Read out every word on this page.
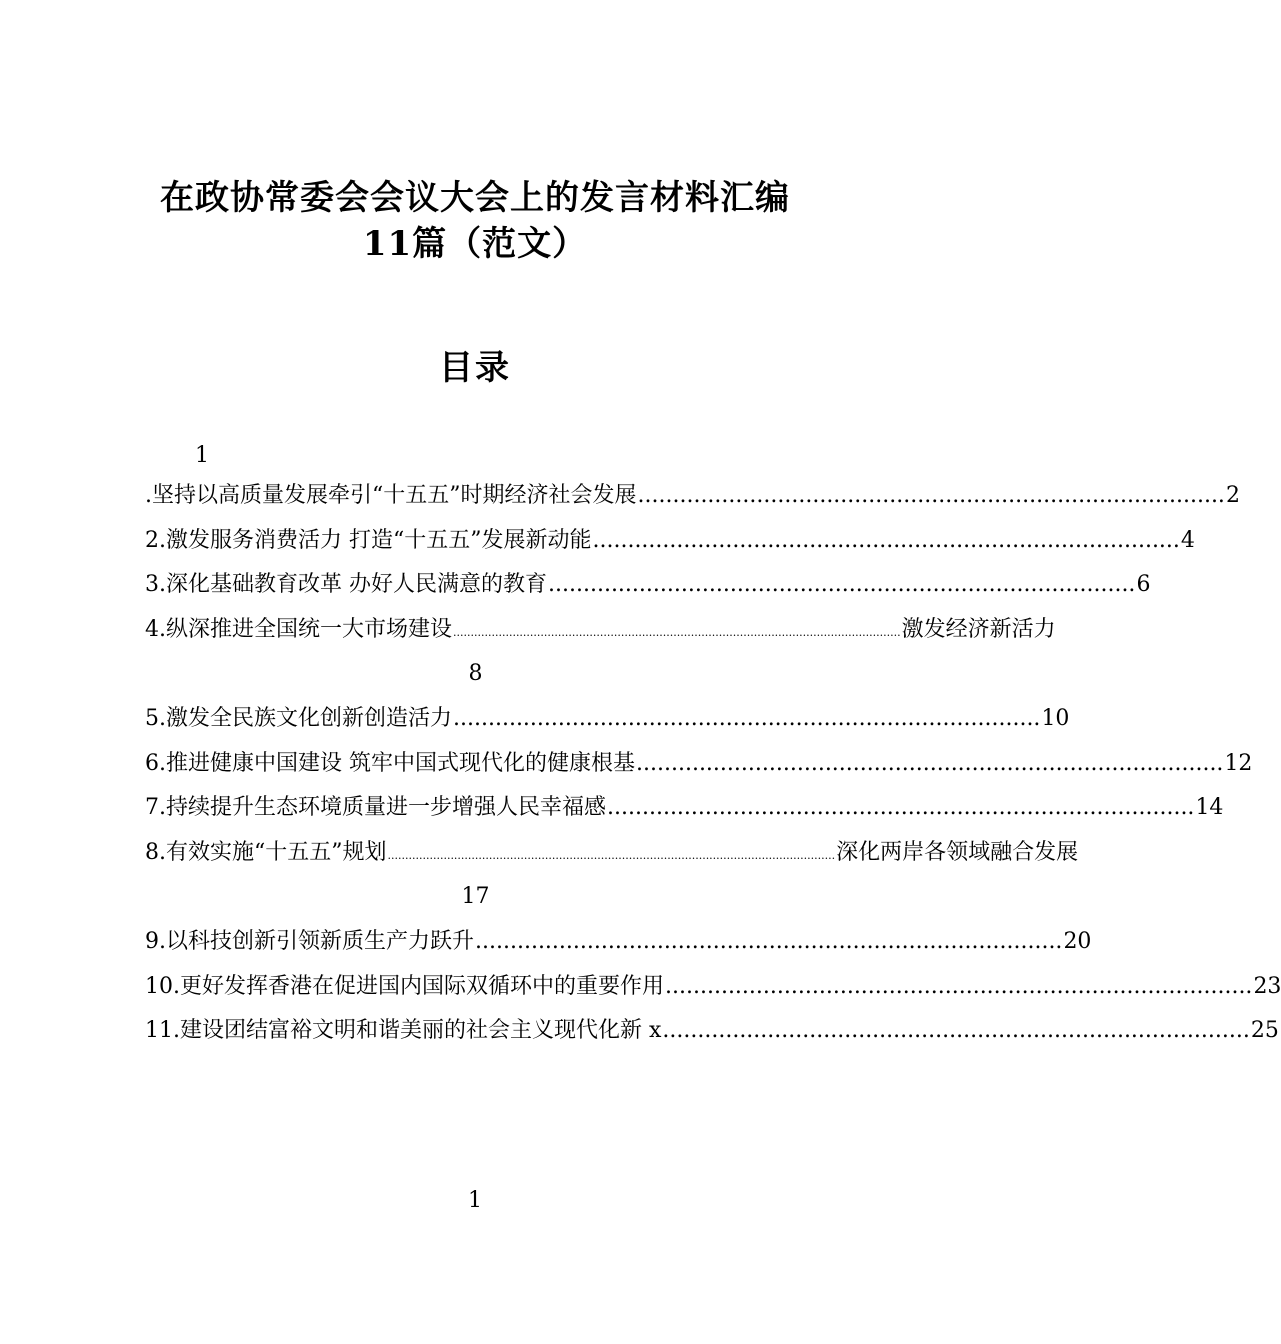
在政协常委会会议大会上的发言材料汇编
11篇（范文）
目录
1
.坚持以高质量发展牵引“十五五”时期经济社会发展 .................................................................................... 2
2.激发服务消费活力 打造“十五五”发展新动能 .................................................................................... 4
3.深化基础教育改革 办好人民满意的教育 .................................................................................... 6
4.纵深推进全国统一大市场建设 ................................................................................................................................ 激发经济新活力
8
5.激发全民族文化创新创造活力 .................................................................................... 10
6.推进健康中国建设 筑牢中国式现代化的健康根基 .................................................................................... 12
7.持续提升生态环境质量进一步增强人民幸福感 .................................................................................... 14
8.有效实施“十五五”规划 ................................................................................................................................ 深化两岸各领域融合发展
17
9.以科技创新引领新质生产力跃升 .................................................................................... 20
10.更好发挥香港在促进国内国际双循环中的重要作用 .................................................................................... 23
11.建设团结富裕文明和谐美丽的社会主义现代化新 x .................................................................................... 25
1
